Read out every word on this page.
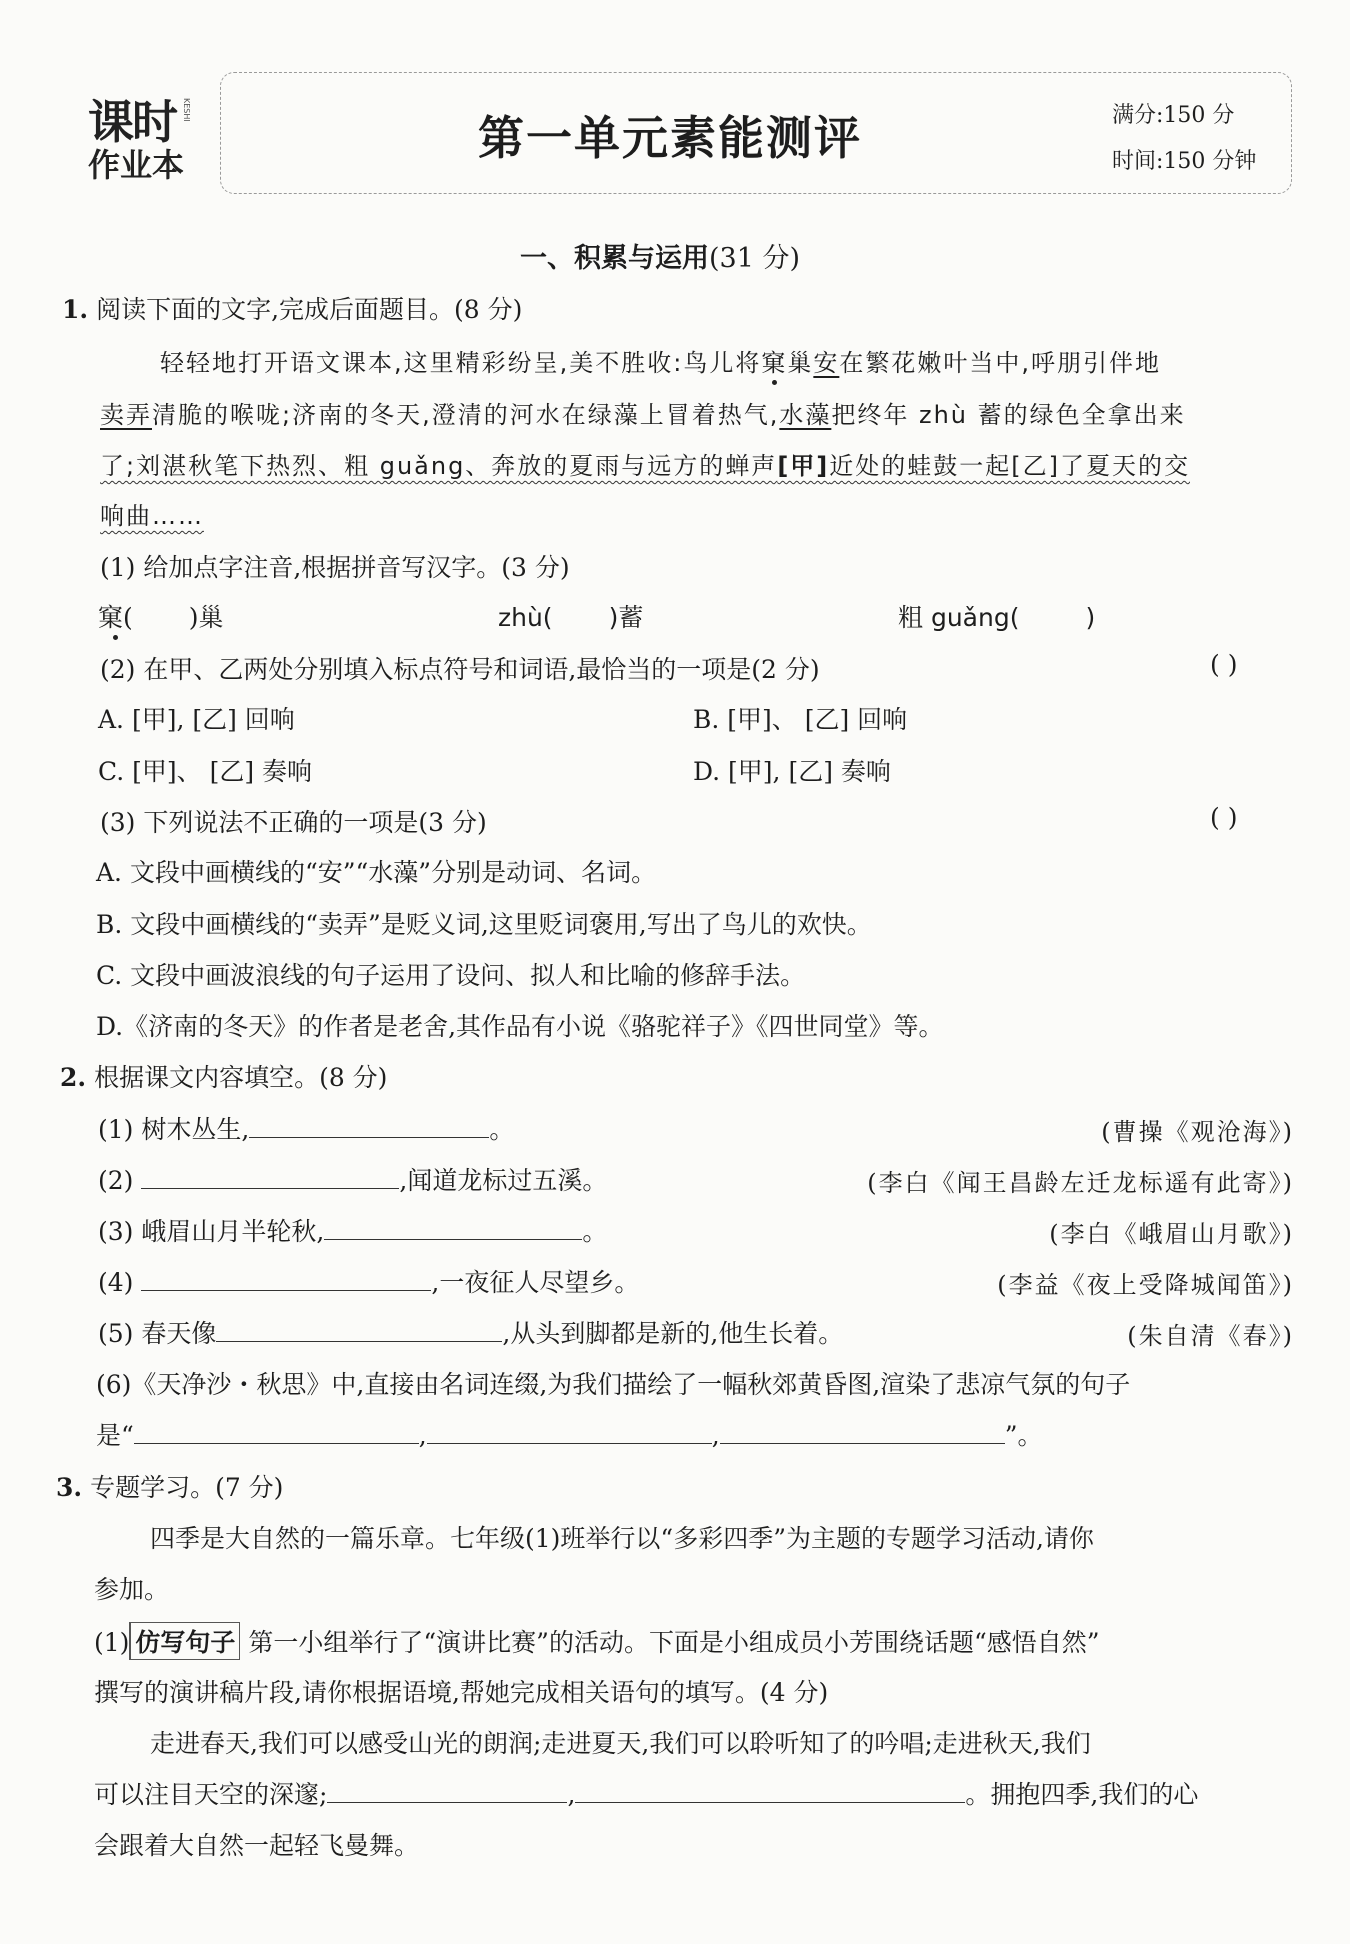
课时 KESHI
作业本	第一单元素能测评	满分:150 分
时间:150 分钟
一、积累与运用(31 分)
1. 阅读下面的文字,完成后面题目。(8 分)
轻轻地打开语文课本,这里精彩纷呈,美不胜收:鸟儿将窠巢安在繁花嫩叶当中,呼朋引伴地
卖弄清脆的喉咙;济南的冬天,澄清的河水在绿藻上冒着热气,水藻把终年 zhù 蓄的绿色全拿出来
了;刘湛秋笔下热烈、粗 guǎng、奔放的夏雨与远方的蝉声[甲]近处的蛙鼓一起[乙]了夏天的交
响曲……
(1) 给加点字注音,根据拼音写汉字。(3 分)
窠( )巢	zhù( )蓄	粗 guǎng(	)
(2) 在甲、乙两处分别填入标点符号和词语,最恰当的一项是(2 分)	( )
A. [甲], [乙] 回响	B. [甲]、 [乙] 回响
C. [甲]、 [乙] 奏响	D. [甲], [乙] 奏响
(3) 下列说法不正确的一项是(3 分)	( )
A. 文段中画横线的“安”“水藻”分别是动词、名词。
B. 文段中画横线的“卖弄”是贬义词,这里贬词褒用,写出了鸟儿的欢快。
C. 文段中画波浪线的句子运用了设问、拟人和比喻的修辞手法。
D.《济南的冬天》的作者是老舍,其作品有小说《骆驼祥子》《四世同堂》等。
2. 根据课文内容填空。(8 分)
(1) 树木丛生,	。	(曹操《观沧海》)
(2)	,闻道龙标过五溪。	(李白《闻王昌龄左迁龙标遥有此寄》)
(3) 峨眉山月半轮秋,	。	(李白《峨眉山月歌》)
(4)	,一夜征人尽望乡。	(李益《夜上受降城闻笛》)
(5) 春天像	,从头到脚都是新的,他生长着。	(朱自清《春》)
(6)《天净沙・秋思》中,直接由名词连缀,为我们描绘了一幅秋郊黄昏图,渲染了悲凉气氛的句子
是“	,	,	”。
3. 专题学习。(7 分)
四季是大自然的一篇乐章。七年级(1)班举行以“多彩四季”为主题的专题学习活动,请你
参加。
(1) 仿写句子 第一小组举行了“演讲比赛”的活动。下面是小组成员小芳围绕话题“感悟自然”
撰写的演讲稿片段,请你根据语境,帮她完成相关语句的填写。(4 分)
走进春天,我们可以感受山光的朗润;走进夏天,我们可以聆听知了的吟唱;走进秋天,我们
可以注目天空的深邃;	,	。拥抱四季,我们的心
会跟着大自然一起轻飞曼舞。
